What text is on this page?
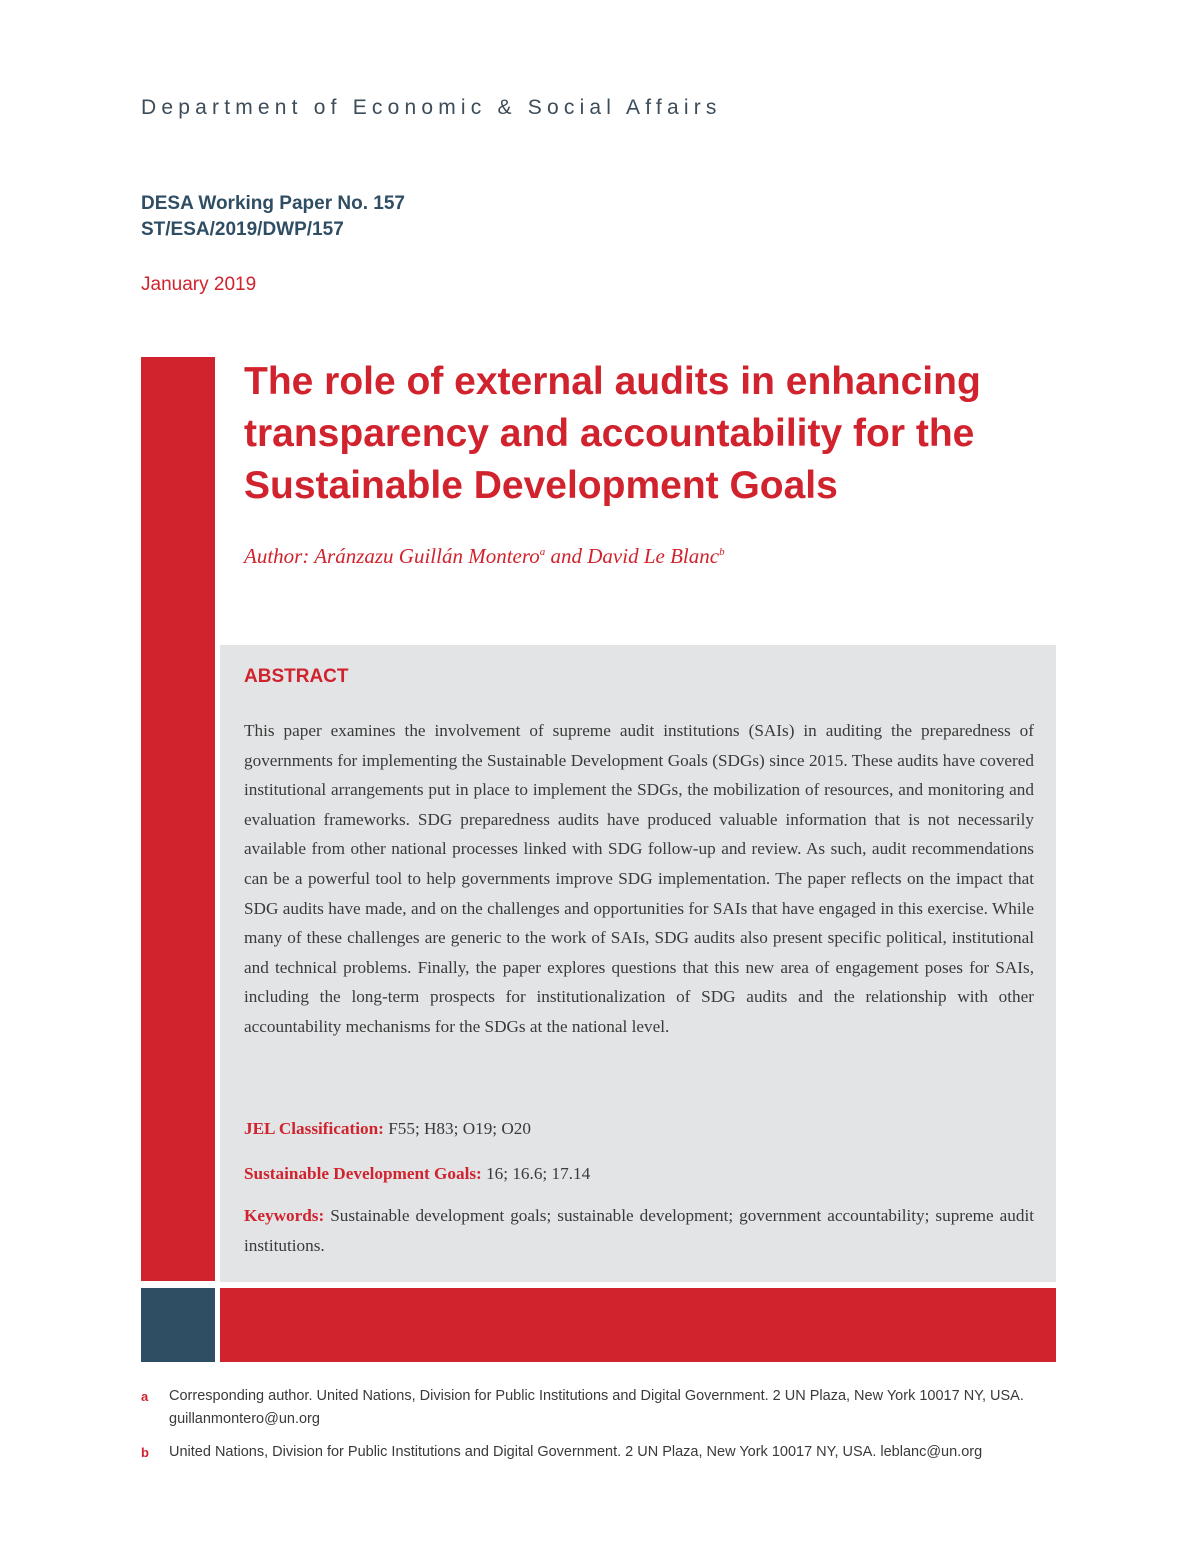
Department of Economic & Social Affairs
DESA Working Paper No. 157
ST/ESA/2019/DWP/157
January 2019
The role of external audits in enhancing transparency and accountability for the Sustainable Development Goals
Author: Aránzazu Guillán Montero$^a$ and David Le Blanc$^b$
ABSTRACT
This paper examines the involvement of supreme audit institutions (SAIs) in auditing the preparedness of governments for implementing the Sustainable Development Goals (SDGs) since 2015. These audits have covered institutional arrangements put in place to implement the SDGs, the mobilization of resources, and monitoring and evaluation frameworks. SDG preparedness audits have produced valuable information that is not necessarily available from other national processes linked with SDG follow-up and review. As such, audit recommendations can be a powerful tool to help governments improve SDG implementation. The paper reflects on the impact that SDG audits have made, and on the challenges and opportunities for SAIs that have engaged in this exercise. While many of these challenges are generic to the work of SAIs, SDG audits also present specific political, institutional and technical problems. Finally, the paper explores questions that this new area of engagement poses for SAIs, including the long-term prospects for institutionalization of SDG audits and the relationship with other accountability mechanisms for the SDGs at the national level.
JEL Classification: F55; H83; O19; O20
Sustainable Development Goals: 16; 16.6; 17.14
Keywords: Sustainable development goals; sustainable development; government accountability; supreme audit institutions.
a Corresponding author. United Nations, Division for Public Institutions and Digital Government. 2 UN Plaza, New York 10017 NY, USA. guillanmontero@un.org
b United Nations, Division for Public Institutions and Digital Government. 2 UN Plaza, New York 10017 NY, USA. leblanc@un.org
